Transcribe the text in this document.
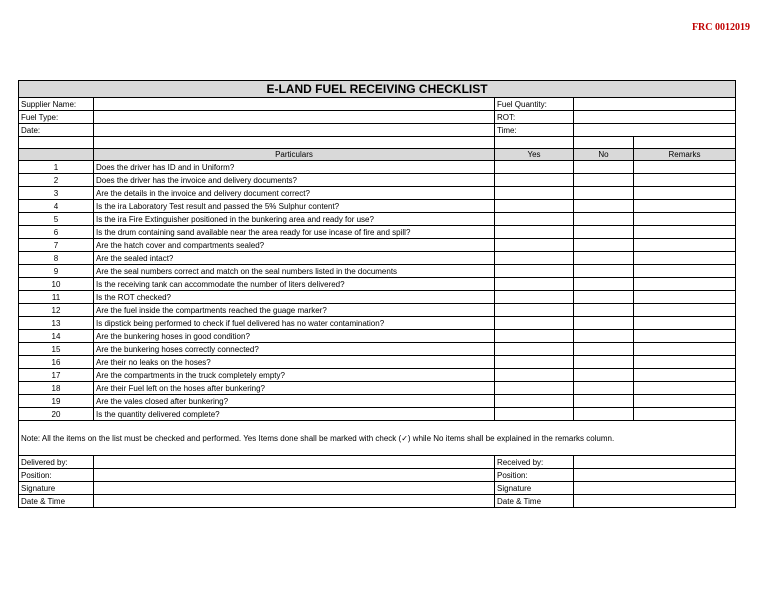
FRC 0012019
E-LAND FUEL RECEIVING CHECKLIST				
Supplier Name:		Fuel Quantity:		
Fuel Type:		ROT:		
Date:		Time:		

	Particulars	Yes	No	Remarks
1	Does the driver has ID and in Uniform?			
2	Does the driver has the invoice and delivery documents?			
3	Are the details in the invoice and delivery document correct?			
4	Is the ira Laboratory Test result and passed the 5% Sulphur content?			
5	Is the ira Fire Extinguisher positioned in the bunkering area and ready for use?			
6	Is the drum containing sand available near the area ready for use incase of fire and spill?			
7	Are the hatch cover and compartments sealed?			
8	Are the sealed intact?			
9	Are the seal numbers correct and match on the seal numbers listed in the documents			
10	Is the receiving tank can accommodate the number of liters delivered?			
11	Is the ROT checked?			
12	Are the fuel inside the compartments reached the guage marker?			
13	Is dipstick being performed to check if fuel delivered has no water contamination?			
14	Are the bunkering hoses in good condition?			
15	Are the bunkering hoses correctly connected?			
16	Are their no leaks on the hoses?			
17	Are the compartments in the truck completely empty?			
18	Are their Fuel left on the hoses after bunkering?			
19	Are the vales closed after bunkering?			
20	Is the quantity delivered complete?			
Note: All the items on the list must be checked and performed. Yes Items done shall be marked with check (✓) while No items shall be explained in the remarks column.				
Delivered by:		Received by:		
Position:		Position:		
Signature		Signature		
Date & Time		Date & Time		
